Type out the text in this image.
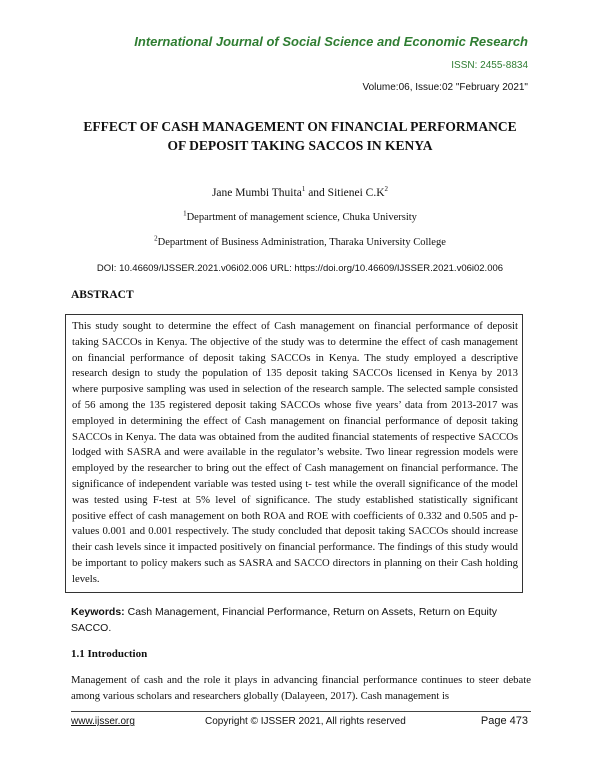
International Journal of Social Science and Economic Research
ISSN: 2455-8834
Volume:06, Issue:02 "February 2021"
EFFECT OF CASH MANAGEMENT ON FINANCIAL PERFORMANCE
OF DEPOSIT TAKING SACCOS IN KENYA
Jane Mumbi Thuita$^1$ and Sitienei $C.K^2$
$^1$Department of management science, Chuka University
$^2$Department of Business Administration, Tharaka University College
DOI: 10.46609/IJSSER.2021.v06i02.006 URL: https://doi.org/10.46609/IJSSER.2021.v06i02.006
ABSTRACT
This study sought to determine the effect of Cash management on financial performance of deposit taking SACCOs in Kenya. The objective of the study was to determine the effect of cash management on financial performance of deposit taking SACCOs in Kenya. The study employed a descriptive research design to study the population of 135 deposit taking SACCOs licensed in Kenya by 2013 where purposive sampling was used in selection of the research sample. The selected sample consisted of 56 among the 135 registered deposit taking SACCOs whose five years’ data from 2013-2017 was employed in determining the effect of Cash management on financial performance of deposit taking SACCOs in Kenya. The data was obtained from the audited financial statements of respective SACCOs lodged with SASRA and were available in the regulator’s website. Two linear regression models were employed by the researcher to bring out the effect of Cash management on financial performance. The significance of independent variable was tested using t- test while the overall significance of the model was tested using F-test at 5% level of significance. The study established statistically significant positive effect of cash management on both ROA and ROE with coefficients of 0.332 and 0.505 and p-values 0.001 and 0.001 respectively. The study concluded that deposit taking SACCOs should increase their cash levels since it impacted positively on financial performance. The findings of this study would be important to policy makers such as SASRA and SACCO directors in planning on their Cash holding levels.
Keywords: Cash Management, Financial Performance, Return on Assets, Return on Equity SACCO.
1.1 Introduction
Management of cash and the role it plays in advancing financial performance continues to steer debate among various scholars and researchers globally (Dalayeen, 2017). Cash management is
www.ijsser.org	Copyright © IJSSER 2021, All rights reserved	Page 473
